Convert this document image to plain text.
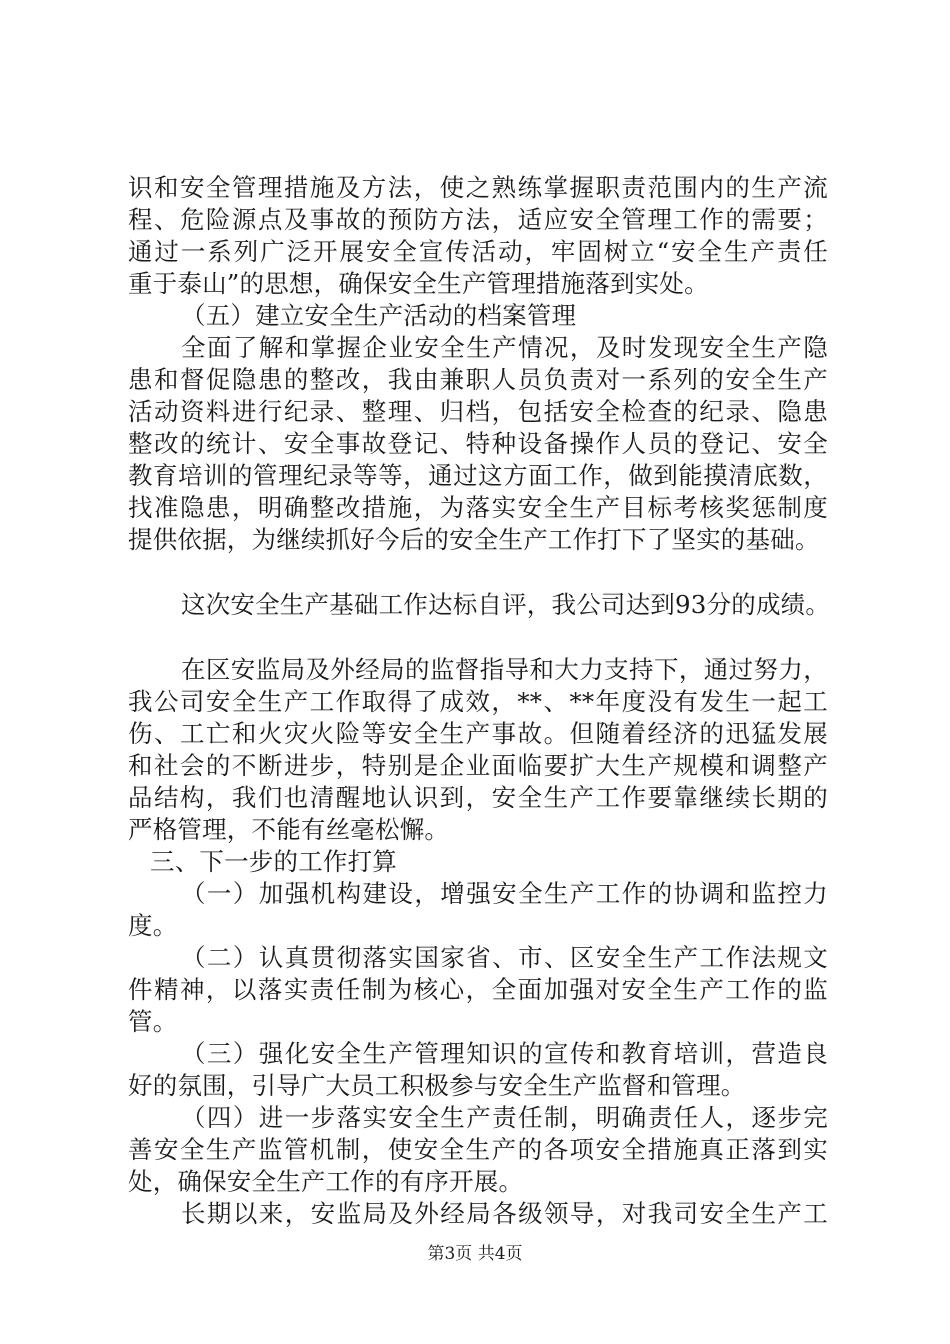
识和安全管理措施及方法，使之熟练掌握职责范围内的生产流
程、危险源点及事故的预防方法，适应安全管理工作的需要；
通过一系列广泛开展安全宣传活动，牢固树立“安全生产责任
重于泰山”的思想，确保安全生产管理措施落到实处。
（五）建立安全生产活动的档案管理
全面了解和掌握企业安全生产情况，及时发现安全生产隐
患和督促隐患的整改，我由兼职人员负责对一系列的安全生产
活动资料进行纪录、整理、归档，包括安全检查的纪录、隐患
整改的统计、安全事故登记、特种设备操作人员的登记、安全
教育培训的管理纪录等等，通过这方面工作，做到能摸清底数，
找准隐患，明确整改措施，为落实安全生产目标考核奖惩制度
提供依据，为继续抓好今后的安全生产工作打下了坚实的基础。
这次安全生产基础工作达标自评，我公司达到93分的成绩。
在区安监局及外经局的监督指导和大力支持下，通过努力，
我公司安全生产工作取得了成效，**、**年度没有发生一起工
伤、工亡和火灾火险等安全生产事故。但随着经济的迅猛发展
和社会的不断进步，特别是企业面临要扩大生产规模和调整产
品结构，我们也清醒地认识到，安全生产工作要靠继续长期的
严格管理，不能有丝毫松懈。
三、下一步的工作打算
（一）加强机构建设，增强安全生产工作的协调和监控力
度。
（二）认真贯彻落实国家省、市、区安全生产工作法规文
件精神，以落实责任制为核心，全面加强对安全生产工作的监
管。
（三）强化安全生产管理知识的宣传和教育培训，营造良
好的氛围，引导广大员工积极参与安全生产监督和管理。
（四）进一步落实安全生产责任制，明确责任人，逐步完
善安全生产监管机制，使安全生产的各项安全措施真正落到实
处，确保安全生产工作的有序开展。
长期以来，安监局及外经局各级领导，对我司安全生产工
第3页 共4页
